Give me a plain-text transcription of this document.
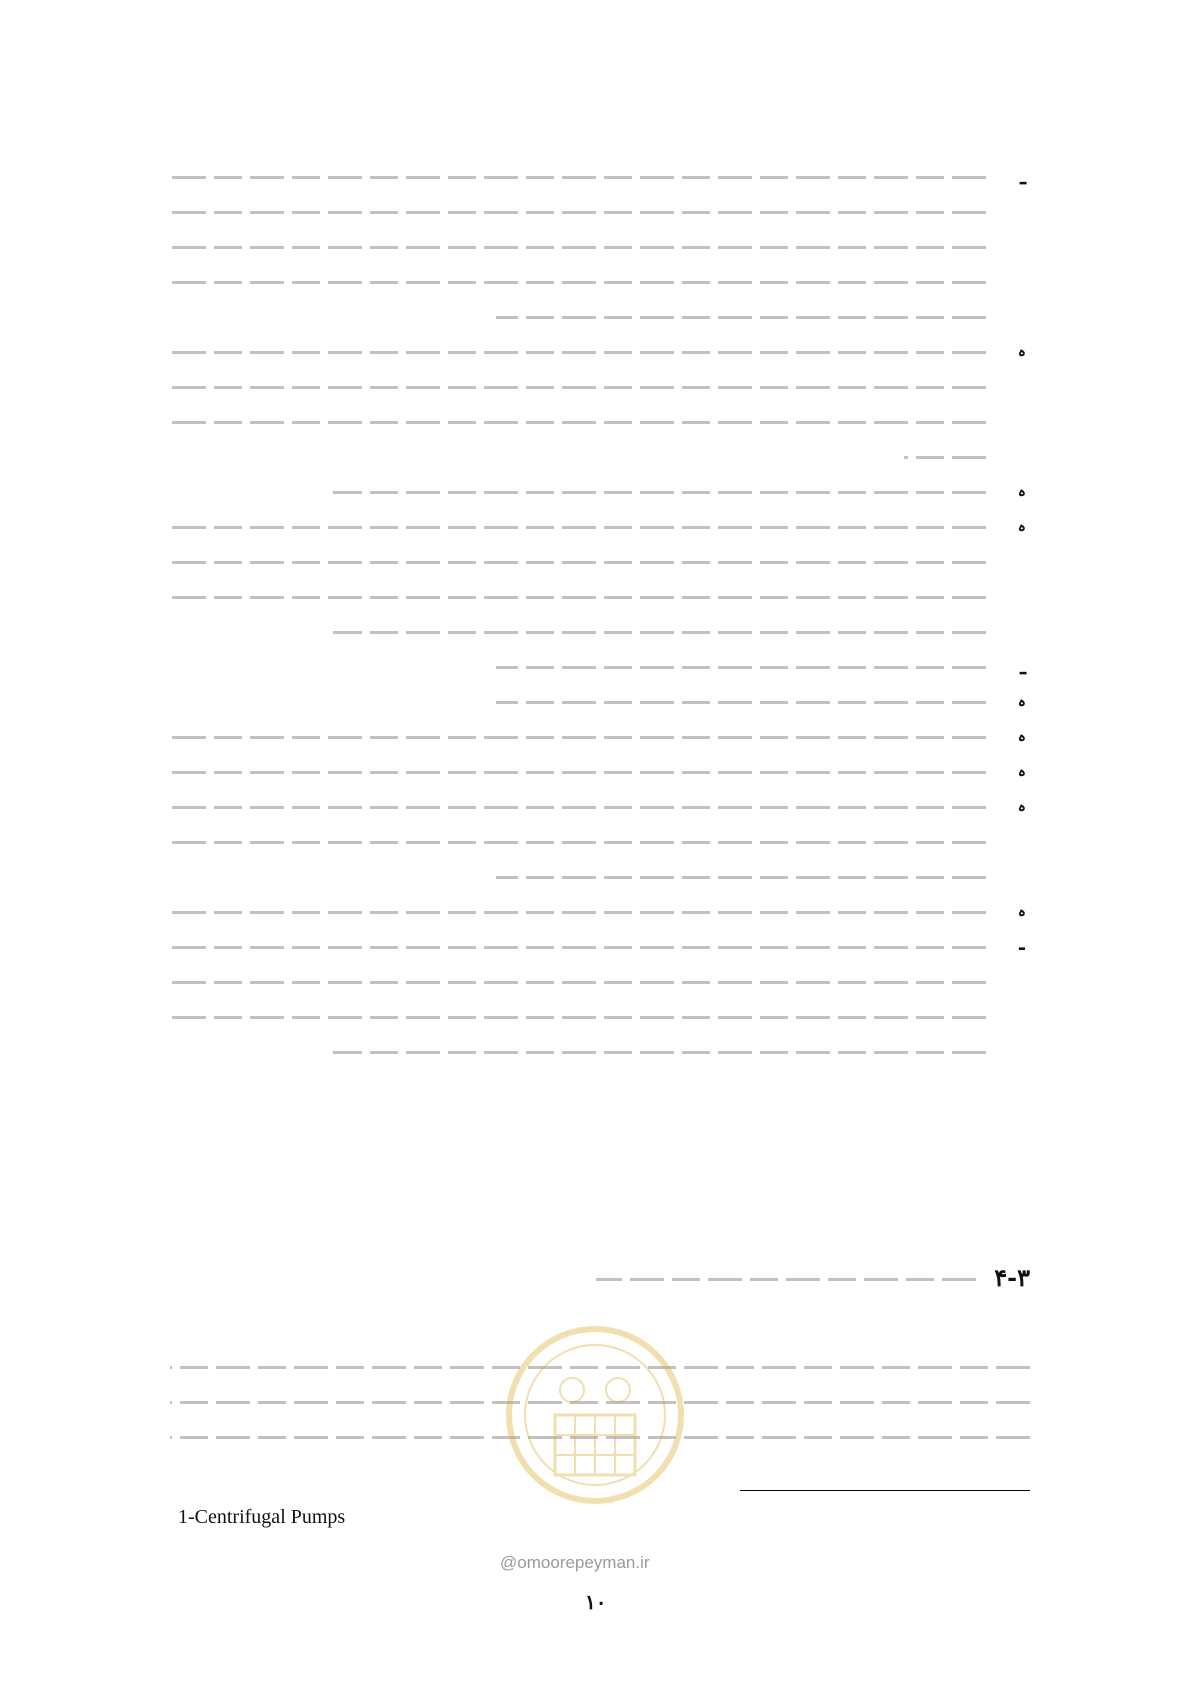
ـ
ہ
ہ
ہ
ـ
ہ
ہ
ہ
ہ
ہ
-
۴-۳
1-Centrifugal Pumps
@omoorepeyman.ir
۱۰
